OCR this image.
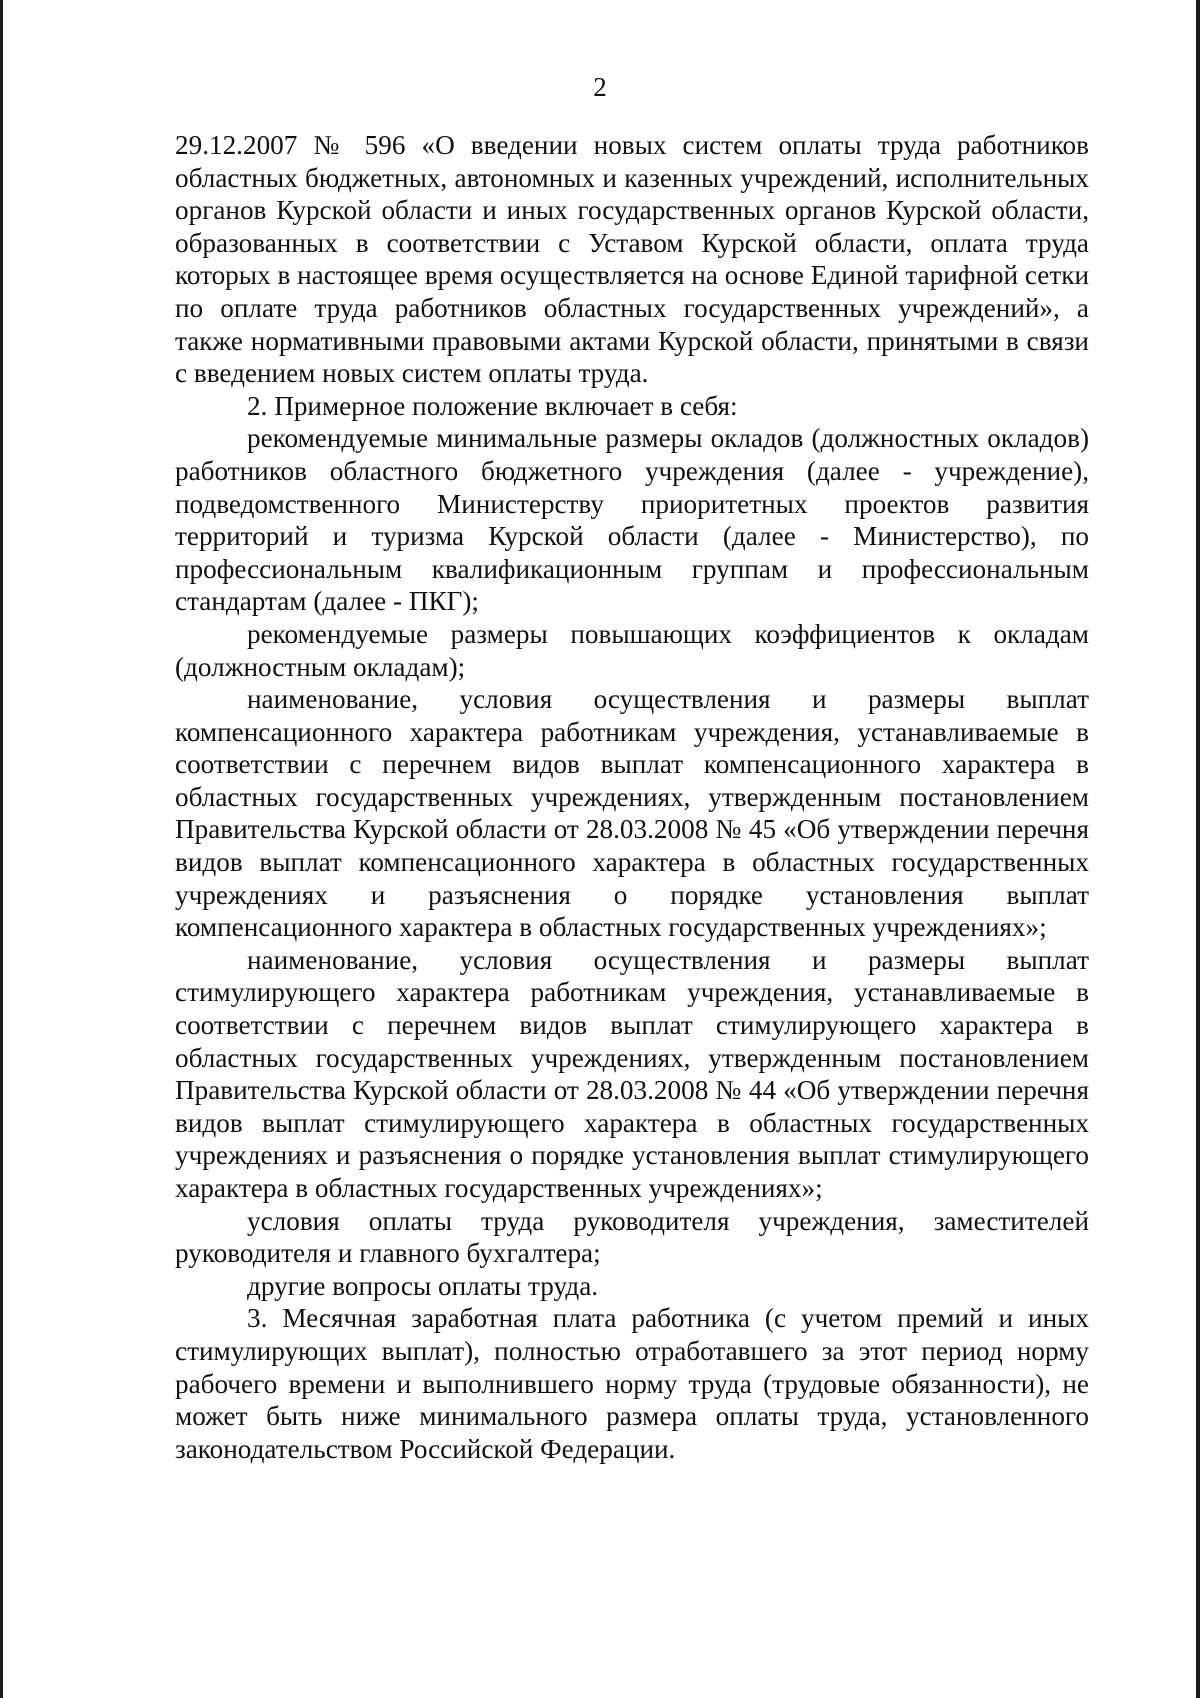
2

29.12.2007 № 596 «О введении новых систем оплаты труда работников областных бюджетных, автономных и казенных учреждений, исполнительных органов Курской области и иных государственных органов Курской области, образованных в соответствии с Уставом Курской области, оплата труда которых в настоящее время осуществляется на основе Единой тарифной сетки по оплате труда работников областных государственных учреждений», а также нормативными правовыми актами Курской области, принятыми в связи с введением новых систем оплаты труда.

2. Примерное положение включает в себя:

рекомендуемые минимальные размеры окладов (должностных окладов) работников областного бюджетного учреждения (далее - учреждение), подведомственного Министерству приоритетных проектов развития территорий и туризма Курской области (далее - Министерство), по профессиональным квалификационным группам и профессиональным стандартам (далее - ПКГ);

рекомендуемые размеры повышающих коэффициентов к окладам (должностным окладам);

наименование, условия осуществления и размеры выплат компенсационного характера работникам учреждения, устанавливаемые в соответствии с перечнем видов выплат компенсационного характера в областных государственных учреждениях, утвержденным постановлением Правительства Курской области от 28.03.2008 № 45 «Об утверждении перечня видов выплат компенсационного характера в областных государственных учреждениях и разъяснения о порядке установления выплат компенсационного характера в областных государственных учреждениях»;

наименование, условия осуществления и размеры выплат стимулирующего характера работникам учреждения, устанавливаемые в соответствии с перечнем видов выплат стимулирующего характера в областных государственных учреждениях, утвержденным постановлением Правительства Курской области от 28.03.2008 № 44 «Об утверждении перечня видов выплат стимулирующего характера в областных государственных учреждениях и разъяснения о порядке установления выплат стимулирующего характера в областных государственных учреждениях»;

условия оплаты труда руководителя учреждения, заместителей руководителя и главного бухгалтера;

другие вопросы оплаты труда.

3. Месячная заработная плата работника (с учетом премий и иных стимулирующих выплат), полностью отработавшего за этот период норму рабочего времени и выполнившего норму труда (трудовые обязанности), не может быть ниже минимального размера оплаты труда, установленного законодательством Российской Федерации.
